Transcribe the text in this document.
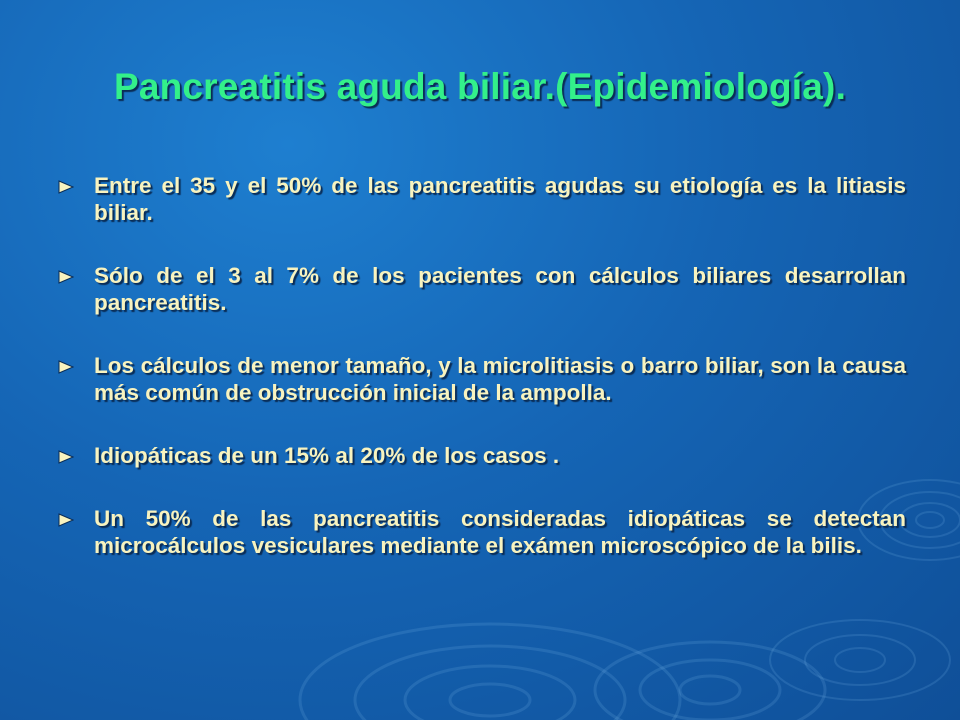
Pancreatitis aguda biliar.(Epidemiología).
Entre el 35 y el 50% de las pancreatitis agudas su etiología es la litiasis biliar.
Sólo de el 3 al 7% de los pacientes con cálculos biliares desarrollan pancreatitis.
Los cálculos de menor tamaño, y la microlitiasis o barro biliar, son la causa más común de obstrucción inicial de la ampolla.
Idiopáticas de un 15% al 20% de los casos .
Un 50% de las pancreatitis consideradas idiopáticas se detectan microcálculos vesiculares mediante el exámen microscópico de la bilis.
